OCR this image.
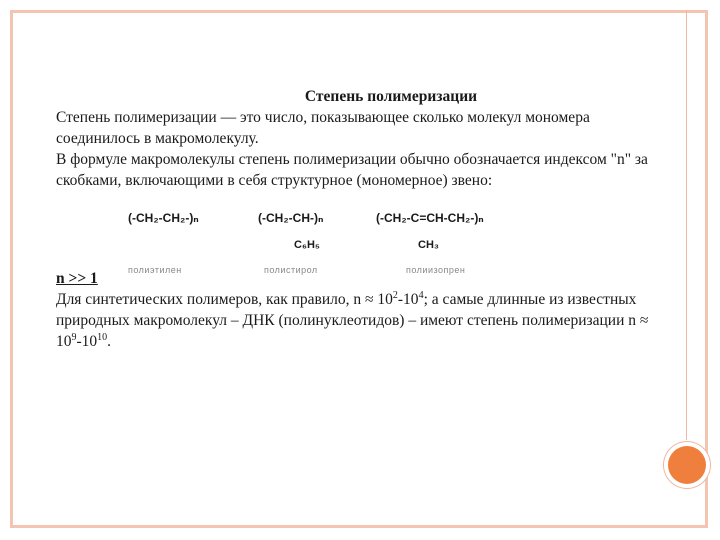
Степень полимеризации

Степень полимеризации — это число, показывающее сколько молекул мономера соединилось в макромолекулу.

В формуле макромолекулы степень полимеризации обычно обозначается индексом "n" за скобками, включающими в себя структурное (мономерное) звено:

(-CH₂-CH₂-)ₙ

полиэтилен
(-CH₂-CH-)ₙ
C₆H₅
полистирол
(-CH₂-C=CH-CH₂-)ₙ
CH₃
полиизопрен
n >> 1

Для синтетических полимеров, как правило, $n \approx 10^2-10^4$; а самые длинные из известных природных макромолекул – ДНК (полинуклеотидов) – имеют степень полимеризации $n \approx 10^9-10^{10}$.
